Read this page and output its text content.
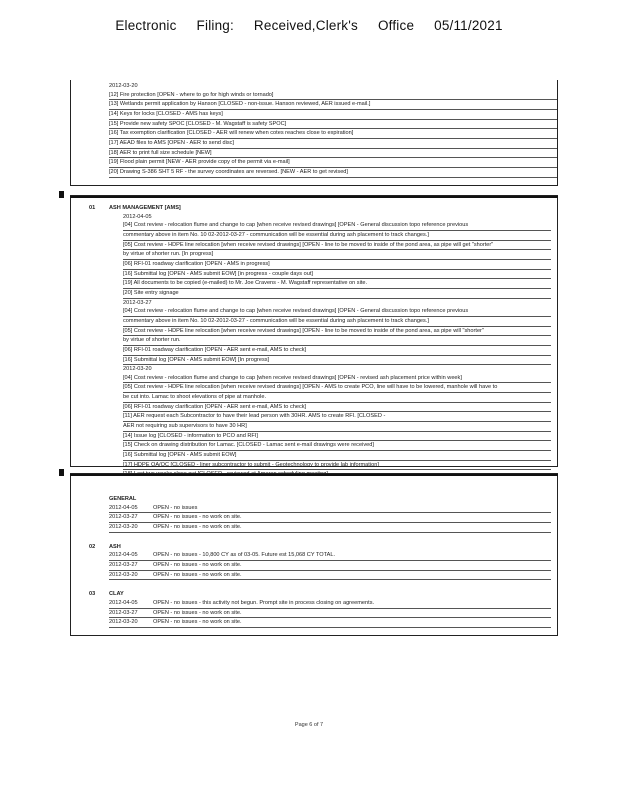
Electronic Filing: Received,Clerk's Office 05/11/2021
2012-03-20
[12] Fire protection [OPEN - where to go for high winds or tornado]
[13] Wetlands permit application by Hanson [CLOSED - non-issue. Hanson reviewed, AER issued e-mail.]
[14] Keys for locks [CLOSED - AMS has keys]
[15] Provide new safety SPOC [CLOSED - M. Wagstaff is safety SPOC]
[16] Tax exemption clarification [CLOSED - AER will renew when cotes reaches close to expiration]
[17] AEAD files to AMS [OPEN - AER to send disc]
[18] AER to print full size schedule [NEW]
[19] Flood plain permit [NEW - AER provide copy of the permit via e-mail]
[20] Drawing S-386 SHT 5 RF - the survey coordinates are reversed. [NEW - AER to get revised]
01	ASH MANAGEMENT [AMS]
2012-04-05
[04] Cost review - relocation flume and change to cap [when receive revised drawings] [OPEN - General discussion topo reference previous
commentary above in item No. 10 02-2012-03-27 - communication will be essential during ash placement to track changes.]
[05] Cost review - HDPE line relocation [when receive revised drawings] [OPEN - line to be moved to inside of the pond area, as pipe will get "shorter"
by virtue of shorter run. [In progress]
[06] RFI-01 roadway clarification [OPEN - AMS in progress]
[16] Submittal log [OPEN - AMS submit EOW] [in progress - couple days out]
[19] All documents to be copied (e-mailed) to Mr. Joe Cravens - M. Wagstaff representative on site.
[20] Site entry signage
2012-03-27
[04] Cost review - relocation flume and change to cap [when receive revised drawings] [OPEN - General discussion topo reference previous
commentary above in item No. 10 02-2012-03-27 - communication will be essential during ash placement to track changes.]
[05] Cost review - HDPE line relocation [when receive revised drawings] [OPEN - line to be moved to inside of the pond area, as pipe will "shorter"
by virtue of shorter run.
[06] RFI-01 roadway clarification [OPEN - AER sent e-mail, AMS to check]
[16] Submittal log [OPEN - AMS submit EOW] [In progress]
2012-03-20
[04] Cost review - relocation flume and change to cap [when receive revised drawings] [OPEN - revised ash placement price within week]
[05] Cost review - HDPE line relocation [when receive revised drawings] [OPEN - AMS to create PCO, line will have to be lowered, manhole will have to
be cut into. Lamac to shoot elevations of pipe at manhole.
[06] RFI-01 roadway clarification [OPEN - AER sent e-mail, AMS to check]
[11] AER request each Subcontractor to have their lead person with 30HR. AMS to create RFI. [CLOSED -
AER not requiring sub supervisors to have 30 HR]
[14] Issue log [CLOSED - information to PCO and RFI]
[15] Check on drawing distribution for Lamac. [CLOSED - Lamac sent e-mail drawings were received]
[16] Submittal log [OPEN - AMS submit EOW]
[17] HDPE QA/QC [CLOSED - liner subcontractor to submit - Geotechnology to provide lab information]
GENERAL
2012-04-05	OPEN - no issues
2012-03-27	OPEN - no issues - no work on site.
2012-03-20	OPEN - no issues - no work on site.
02	ASH
2012-04-05	OPEN - no issues - 10,800 CY as of 03-05. Future est 15,068 CY TOTAL.
2012-03-27	OPEN - no issues - no work on site.
2012-03-20	OPEN - no issues - no work on site.
03	CLAY
2012-04-05	OPEN - no issues - this activity not begun. Prompt site in process closing on agreements.
2012-03-27	OPEN - no issues - no work on site.
2012-03-20	OPEN - no issues - no work on site.
Page 6 of 7
